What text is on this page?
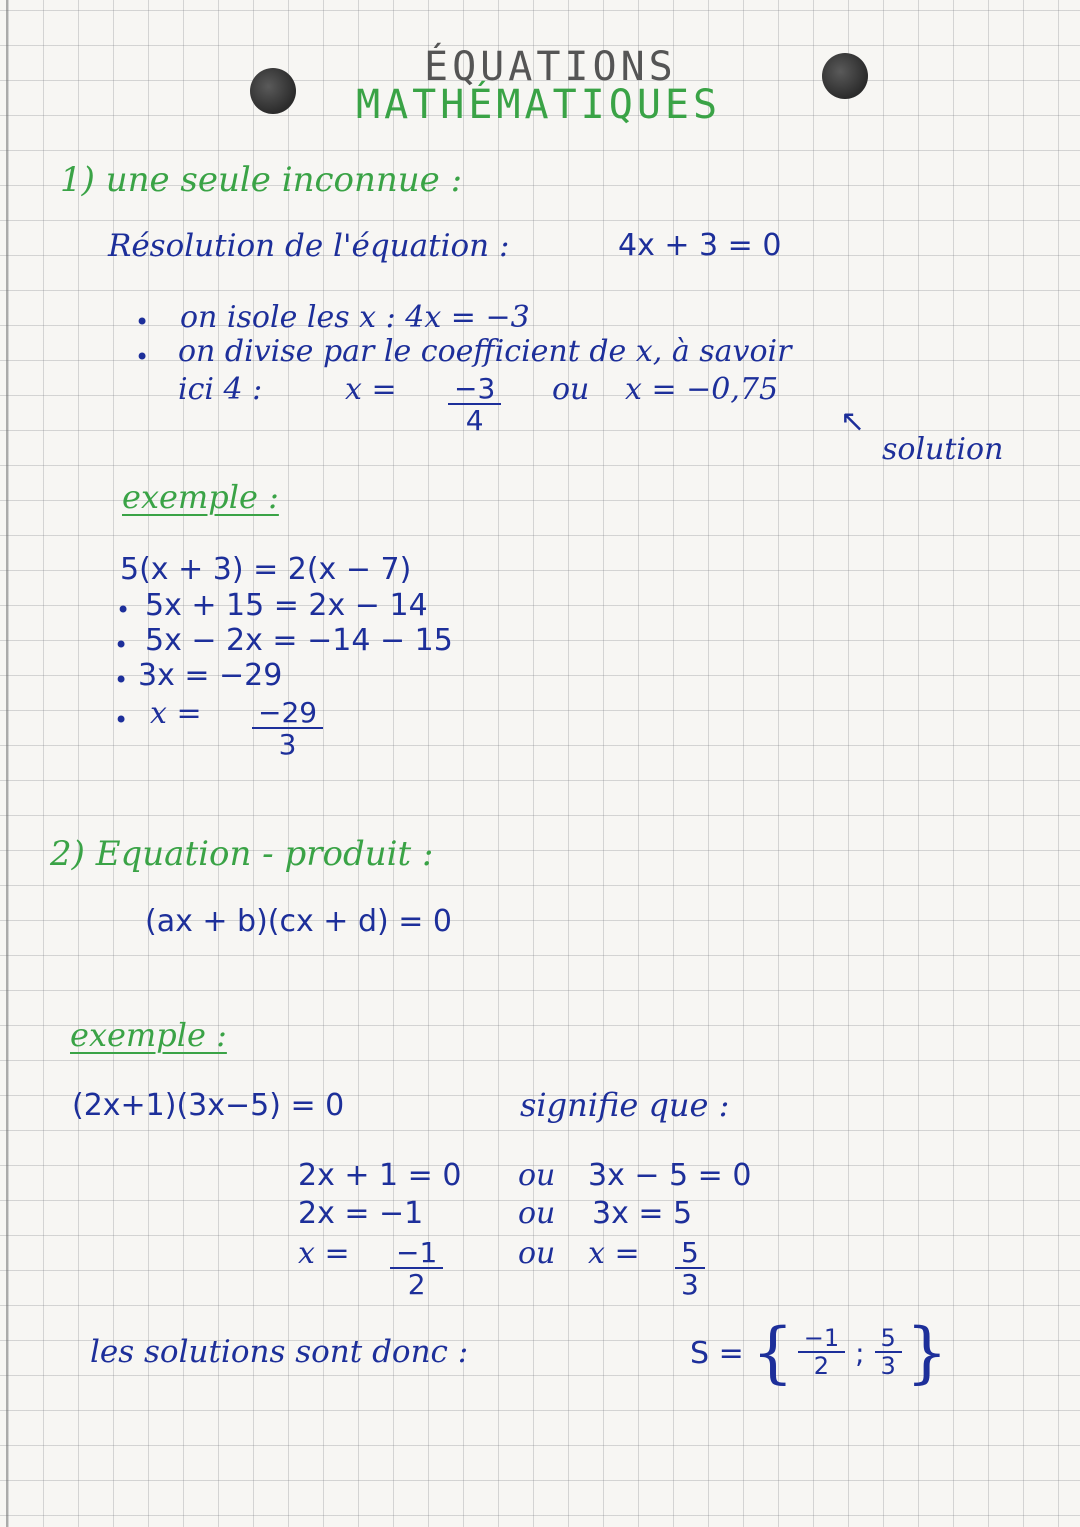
ÉQUATIONS
MATHÉMATIQUES
1) une seule inconnue :
Résolution de l'équation :	4x + 3 = 0
• on isole les x : 4x = −3
• on divise par le coefficient de x, à savoir
ici 4 :	$x = \frac{-3}{4}$ ou x = −0,75
↖
solution
exemple :
5(x + 3) = 2(x − 7)
• 5x + 15 = 2x − 14
• 5x − 2x = −14 − 15
• 3x = −29
• $x = \frac{-29}{3}$
2) Equation - produit :
(ax + b)(cx + d) = 0
exemple :
(2x+1)(3x−5) = 0	signifie que :
2x + 1 = 0 ou 3x − 5 = 0
2x = −1	ou 3x = 5
$x = \frac{-1}{2}$ ou $x = \frac{5}{3}$
les solutions sont donc :	S = { $\frac{-1}{2}$ ; $\frac{5}{3}$ }
